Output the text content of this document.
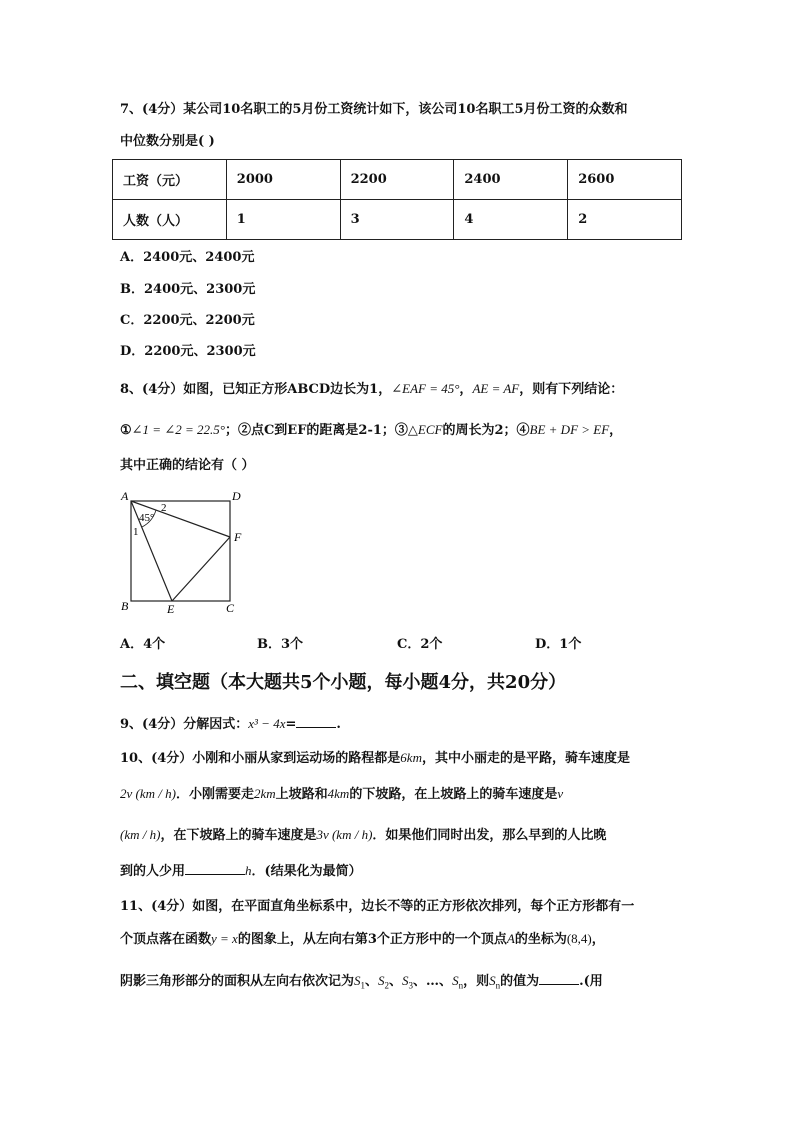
7、(4分）某公司10名职工的5月份工资统计如下，该公司10名职工5月份工资的众数和
中位数分别是( )
工资（元）	2000	2200	2400	2600
人数（人）	1	3	4	2
A．2400元、2400元
B．2400元、2300元
C．2200元、2200元
D．2200元、2300元
8、(4分）如图，已知正方形ABCD边长为1，∠EAF = 45°，AE = AF，则有下列结论：
①∠1 = ∠2 = 22.5°；②点C到EF的距离是2-1；③△ECF的周长为2；④BE + DF > EF，
其中正确的结论有（ ）
A	D
B	C
E
F
1
2
45°
A．4个	B．3个	C．2个	D．1个
二、填空题（本大题共5个小题，每小题4分，共20分）
9、(4分）分解因式：x³ − 4x=	.
10、(4分）小刚和小丽从家到运动场的路程都是6km，其中小丽走的是平路，骑车速度是
2v (km / h)．小刚需要走2km上坡路和4km的下坡路，在上坡路上的骑车速度是v
(km / h)，在下坡路上的骑车速度是3v (km / h)．如果他们同时出发，那么早到的人比晚
到的人少用	h．(结果化为最简）
11、(4分）如图，在平面直角坐标系中，边长不等的正方形依次排列，每个正方形都有一
个顶点落在函数y = x的图象上，从左向右第3个正方形中的一个顶点A的坐标为(8,4)，
阴影三角形部分的面积从左向右依次记为$S_1$、$S_2$、$S_3$、…、$S_n$，则$S_n$的值为	.(用
